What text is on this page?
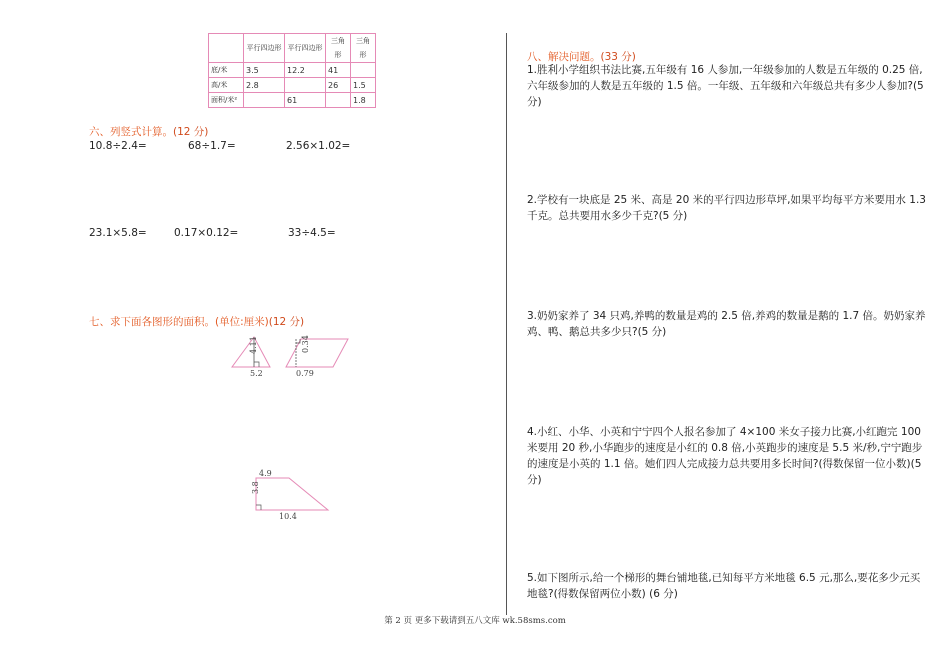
	平行四边形	平行四边形	三角形	三角形
底/米	3.5	12.2	41	
高/米	2.8		26	1.5
面积/米²		61		1.8
六、列竖式计算。(12 分)
10.8÷2.4=	68÷1.7=	2.56×1.02=
23.1×5.8=	0.17×0.12=	33÷4.5=
七、求下面各图形的面积。(单位:厘米)(12 分)
4.11
5.2
0.34
0.79
4.9
3.8
10.4
八、解决问题。(33 分)
1.胜利小学组织书法比赛,五年级有 16 人参加,一年级参加的人数是五年级的 0.25 倍,六年级参加的人数是五年级的 1.5 倍。一年级、五年级和六年级总共有多少人参加?(5 分)
2.学校有一块底是 25 米、高是 20 米的平行四边形草坪,如果平均每平方米要用水 1.3 千克。总共要用水多少千克?(5 分)
3.奶奶家养了 34 只鸡,养鸭的数量是鸡的 2.5 倍,养鸡的数量是鹅的 1.7 倍。奶奶家养鸡、鸭、鹅总共多少只?(5 分)
4.小红、小华、小英和宁宁四个人报名参加了 4×100 米女子接力比赛,小红跑完 100 米要用 20 秒,小华跑步的速度是小红的 0.8 倍,小英跑步的速度是 5.5 米/秒,宁宁跑步的速度是小英的 1.1 倍。她们四人完成接力总共要用多长时间?(得数保留一位小数)(5 分)
5.如下图所示,给一个梯形的舞台铺地毯,已知每平方米地毯 6.5 元,那么,要花多少元买地毯?(得数保留两位小数) (6 分)
第 2 页 更多下载请到五八文库 wk.58sms.com
